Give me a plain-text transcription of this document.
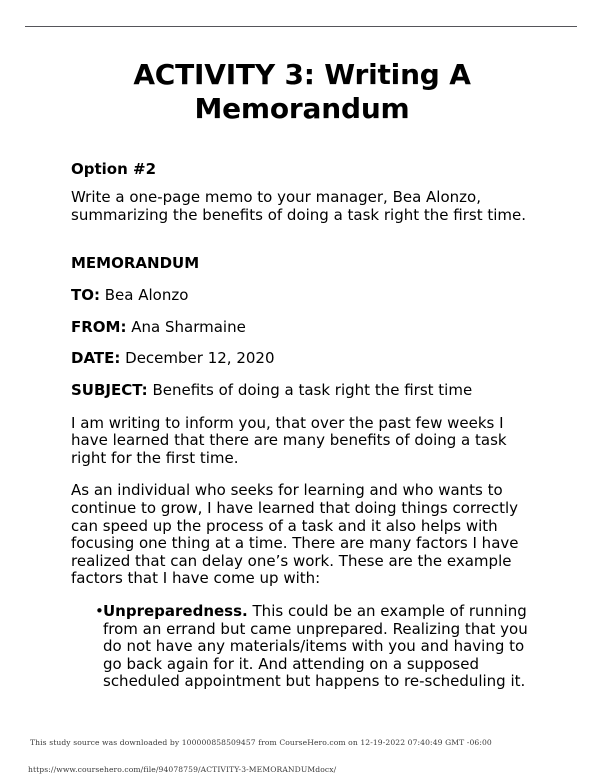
ACTIVITY 3: Writing A Memorandum
Option #2

Write a one-page memo to your manager, Bea Alonzo, summarizing the benefits of doing a task right the first time.

MEMORANDUM

TO: Bea Alonzo

FROM: Ana Sharmaine

DATE: December 12, 2020

SUBJECT: Benefits of doing a task right the first time

I am writing to inform you, that over the past few weeks I have learned that there are many benefits of doing a task right for the first time.

As an individual who seeks for learning and who wants to continue to grow, I have learned that doing things correctly can speed up the process of a task and it also helps with focusing one thing at a time. There are many factors I have realized that can delay one’s work. These are the example factors that I have come up with:

• Unpreparedness. This could be an example of running from an errand but came unprepared. Realizing that you do not have any materials/items with you and having to go back again for it. And attending on a supposed scheduled appointment but happens to re-scheduling it.
This study source was downloaded by 100000858509457 from CourseHero.com on 12-19-2022 07:40:49 GMT -06:00
https://www.coursehero.com/file/94078759/ACTIVITY-3-MEMORANDUMdocx/
